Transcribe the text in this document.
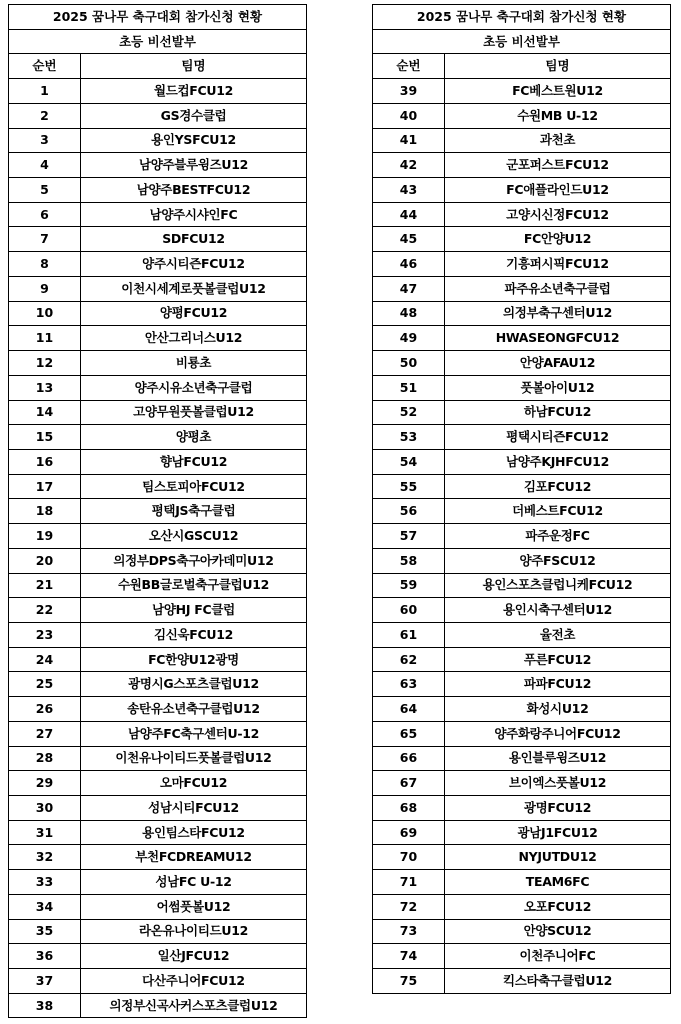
2025 꿈나무 축구대회 참가신청 현황	
초등 비선발부	
순번	팀명
1	월드컵FCU12
2	GS경수클럽
3	용인YSFCU12
4	남양주블루윙즈U12
5	남양주BESTFCU12
6	남양주시샤인FC
7	SDFCU12
8	양주시티즌FCU12
9	이천시세계로풋볼클럽U12
10	양평FCU12
11	안산그리너스U12
12	비룡초
13	양주시유소년축구클럽
14	고양무원풋볼클럽U12
15	양평초
16	향남FCU12
17	팀스토피아FCU12
18	평택JS축구클럽
19	오산시GSCU12
20	의정부DPS축구아카데미U12
21	수원BB글로벌축구클럽U12
22	남양HJ FC클럽
23	김신욱FCU12
24	FC한양U12광명
25	광명시G스포츠클럽U12
26	송탄유소년축구클럽U12
27	남양주FC축구센터U-12
28	이천유나이티드풋볼클럽U12
29	오마FCU12
30	성남시티FCU12
31	용인팀스타FCU12
32	부천FCDREAMU12
33	성남FC U-12
34	어썸풋볼U12
35	라온유나이티드U12
36	일산JFCU12
37	다산주니어FCU12
38	의정부신곡사커스포츠클럽U12
2025 꿈나무 축구대회 참가신청 현황	
초등 비선발부	
순번	팀명
39	FC베스트원U12
40	수원MB U-12
41	과천초
42	군포퍼스트FCU12
43	FC애플라인드U12
44	고양시신정FCU12
45	FC안양U12
46	기흥퍼시픽FCU12
47	파주유소년축구클럽
48	의정부축구센터U12
49	HWASEONGFCU12
50	안양AFAU12
51	풋볼아이U12
52	하남FCU12
53	평택시티즌FCU12
54	남양주KJHFCU12
55	김포FCU12
56	더베스트FCU12
57	파주운정FC
58	양주FSCU12
59	용인스포츠클럽니케FCU12
60	용인시축구센터U12
61	율전초
62	푸른FCU12
63	파파FCU12
64	화성시U12
65	양주화랑주니어FCU12
66	용인블루윙즈U12
67	브이엑스풋볼U12
68	광명FCU12
69	광남J1FCU12
70	NYJUTDU12
71	TEAM6FC
72	오포FCU12
73	안양SCU12
74	이천주니어FC
75	킥스타축구클럽U12
